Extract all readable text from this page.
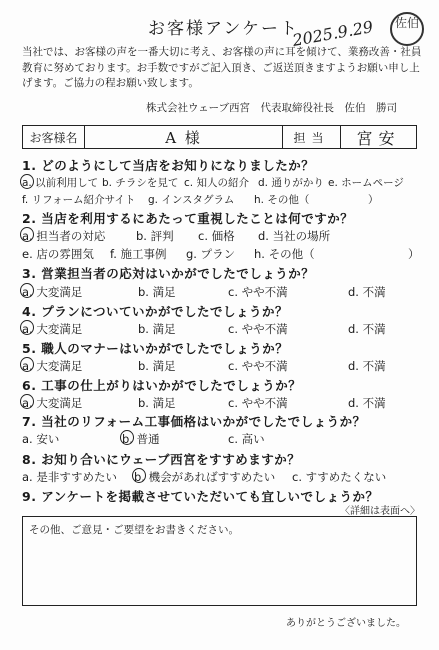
お客様アンケート
2025.9.29	佐伯
当社では、お客様の声を一番大切に考え、お客様の声に耳を傾けて、業務改善・社員教育に努めております。お手数ですがご記入頂き、ご返送頂きますようお願い申し上げます。ご協力の程お願い致します。
株式会社ウェーブ西宮　代表取締役社長　佐伯　勝司
お客様名	A 様	担当	宮安
1. どのようにして当店をお知りになりましたか？
a. 以前利用して b. チラシを見て c. 知人の紹介 d. 通りがかり e. ホームページ
f. リフォーム紹介サイト g. インスタグラム h. その他（	）
2. 当店を利用するにあたって重視したことは何ですか？
a. 担当者の対応	b. 評判 c. 価格 d. 当社の場所
e. 店の雰囲気 f. 施工事例 g. プラン h. その他（	）
3. 営業担当者の応対はいかがでしたでしょうか？
a. 大変満足	b. 満足	c. やや不満	d. 不満
4. プランについていかがでしたでしょうか？
a. 大変満足	b. 満足	c. やや不満	d. 不満
5. 職人のマナーはいかがでしたでしょうか？
a. 大変満足	b. 満足	c. やや不満	d. 不満
6. 工事の仕上がりはいかがでしたでしょうか？
a. 大変満足	b. 満足	c. やや不満	d. 不満
7. 当社のリフォーム工事価格はいかがでしたでしょうか？
a. 安い	b. 普通	c. 高い
8. お知り合いにウェーブ西宮をすすめますか？
a. 是非すすめたい b. 機会があればすすめたい c. すすめたくない
9. アンケートを掲載させていただいても宜しいでしょうか？
〈詳細は表面へ〉
その他、ご意見・ご要望をお書きください。
ありがとうございました。
